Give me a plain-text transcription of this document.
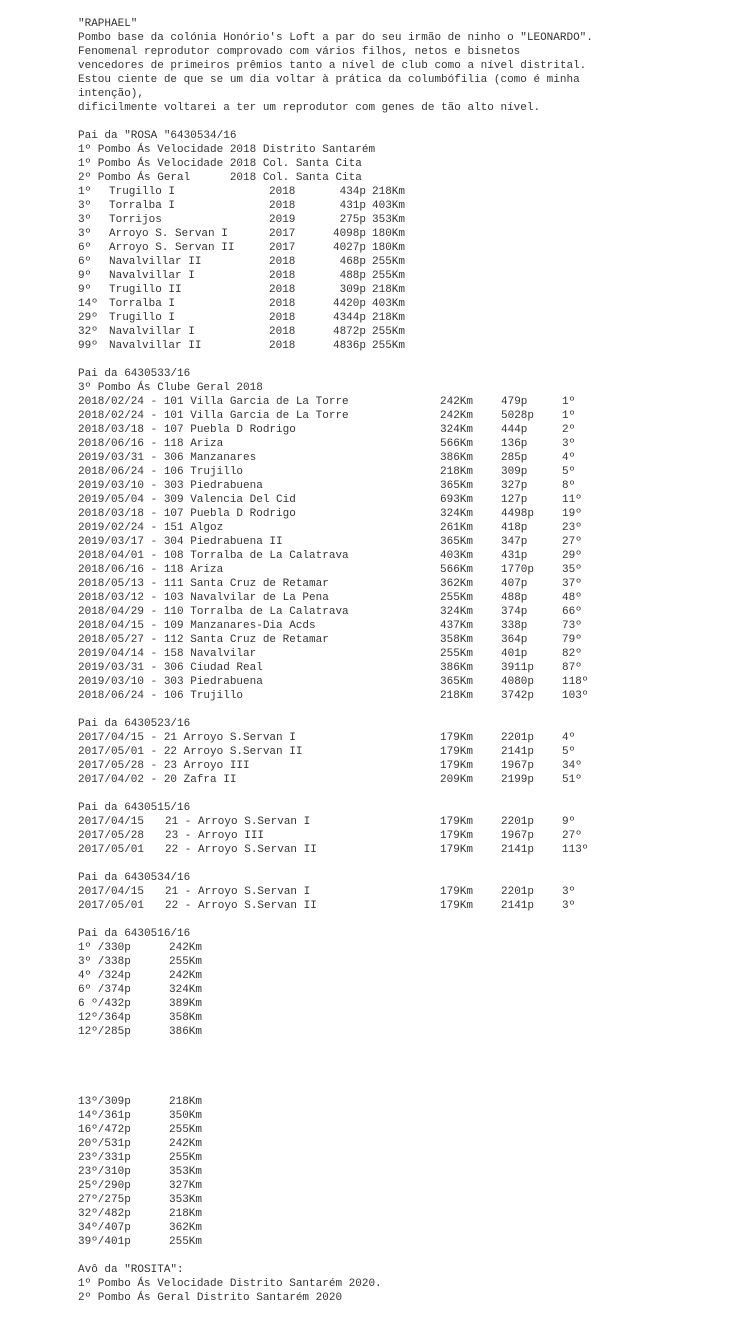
"RAPHAEL"
Pombo base da colónia Honório's Loft a par do seu irmão de ninho o "LEONARDO".
Fenomenal reprodutor comprovado com vários filhos, netos e bisnetos
vencedores de primeiros prêmios tanto a nível de club como a nível distrital.
Estou ciente de que se um dia voltar à prática da columbófilia (como é minha
intenção),
dificilmente voltarei a ter um reprodutor com genes de tão alto nível.
Pai da "ROSA "6430534/16
1º Pombo Ás Velocidade 2018 Distrito Santarém
1º Pombo Ás Velocidade 2018 Col. Santa Cita
2º Pombo Ás Geral      2018 Col. Santa Cita
1º Trugillo I	2018	434p 218Km
3º Torralba I	2018	431p 403Km
3º Torrijos	2019	275p 353Km
3º Arroyo S. Servan I	2017	4098p 180Km
6º Arroyo S. Servan II	2017	4027p 180Km
6º Navalvillar II	2018	468p 255Km
9º Navalvillar I	2018	488p 255Km
9º Trugillo II	2018	309p 218Km
14º Torralba I	2018	4420p 403Km
29º Trugillo I	2018	4344p 218Km
32º Navalvillar I	2018	4872p 255Km
99º Navalvillar II	2018	4836p 255Km
Pai da 6430533/16
3º Pombo Ás Clube Geral 2018
2018/02/24 - 101 Villa Garcia de La Torre	242Km	479p	1º
2018/02/24 - 101 Villa Garcia de La Torre	242Km	5028p	1º
2018/03/18 - 107 Puebla D Rodrigo	324Km	444p	2º
2018/06/16 - 118 Ariza	566Km	136p	3º
2019/03/31 - 306 Manzanares	386Km	285p	4º
2018/06/24 - 106 Trujillo	218Km	309p	5º
2019/03/10 - 303 Piedrabuena	365Km	327p	8º
2019/05/04 - 309 Valencia Del Cid	693Km	127p	11º
2018/03/18 - 107 Puebla D Rodrigo	324Km	4498p	19º
2019/02/24 - 151 Algoz	261Km	418p	23º
2019/03/17 - 304 Piedrabuena II	365Km	347p	27º
2018/04/01 - 108 Torralba de La Calatrava	403Km	431p	29º
2018/06/16 - 118 Ariza	566Km	1770p	35º
2018/05/13 - 111 Santa Cruz de Retamar	362Km	407p	37º
2018/03/12 - 103 Navalvilar de La Pena	255Km	488p	48º
2018/04/29 - 110 Torralba de La Calatrava	324Km	374p	66º
2018/04/15 - 109 Manzanares-Dia Acds	437Km	338p	73º
2018/05/27 - 112 Santa Cruz de Retamar	358Km	364p	79º
2019/04/14 - 158 Navalvilar	255Km	401p	82º
2019/03/31 - 306 Ciudad Real	386Km	3911p	87º
2019/03/10 - 303 Piedrabuena	365Km	4080p	118º
2018/06/24 - 106 Trujillo	218Km	3742p	103º
Pai da 6430523/16
2017/04/15 - 21 Arroyo S.Servan I	179Km	2201p	4º
2017/05/01 - 22 Arroyo S.Servan II	179Km	2141p	5º
2017/05/28 - 23 Arroyo III	179Km	1967p	34º
2017/04/02 - 20 Zafra II	209Km	2199p	51º
Pai da 6430515/16
2017/04/15 21 - Arroyo S.Servan I	179Km	2201p	9º
2017/05/28 23 - Arroyo III	179Km	1967p	27º
2017/05/01 22 - Arroyo S.Servan II	179Km	2141p	113º
Pai da 6430534/16
2017/04/15 21 - Arroyo S.Servan I	179Km	2201p	3º
2017/05/01 22 - Arroyo S.Servan II	179Km	2141p	3º
Pai da 6430516/16
1º /330p	242Km
3º /338p	255Km
4º /324p	242Km
6º /374p	324Km
6 º/432p	389Km
12º/364p	358Km
12º/285p	386Km
13º/309p	218Km
14º/361p	350Km
16º/472p	255Km
20º/531p	242Km
23º/331p	255Km
23º/310p	353Km
25º/290p	327Km
27º/275p	353Km
32º/482p	218Km
34º/407p	362Km
39º/401p	255Km
Avô da "ROSITA":
1º Pombo Ás Velocidade Distrito Santarém 2020.
2º Pombo Ás Geral Distrito Santarém 2020
